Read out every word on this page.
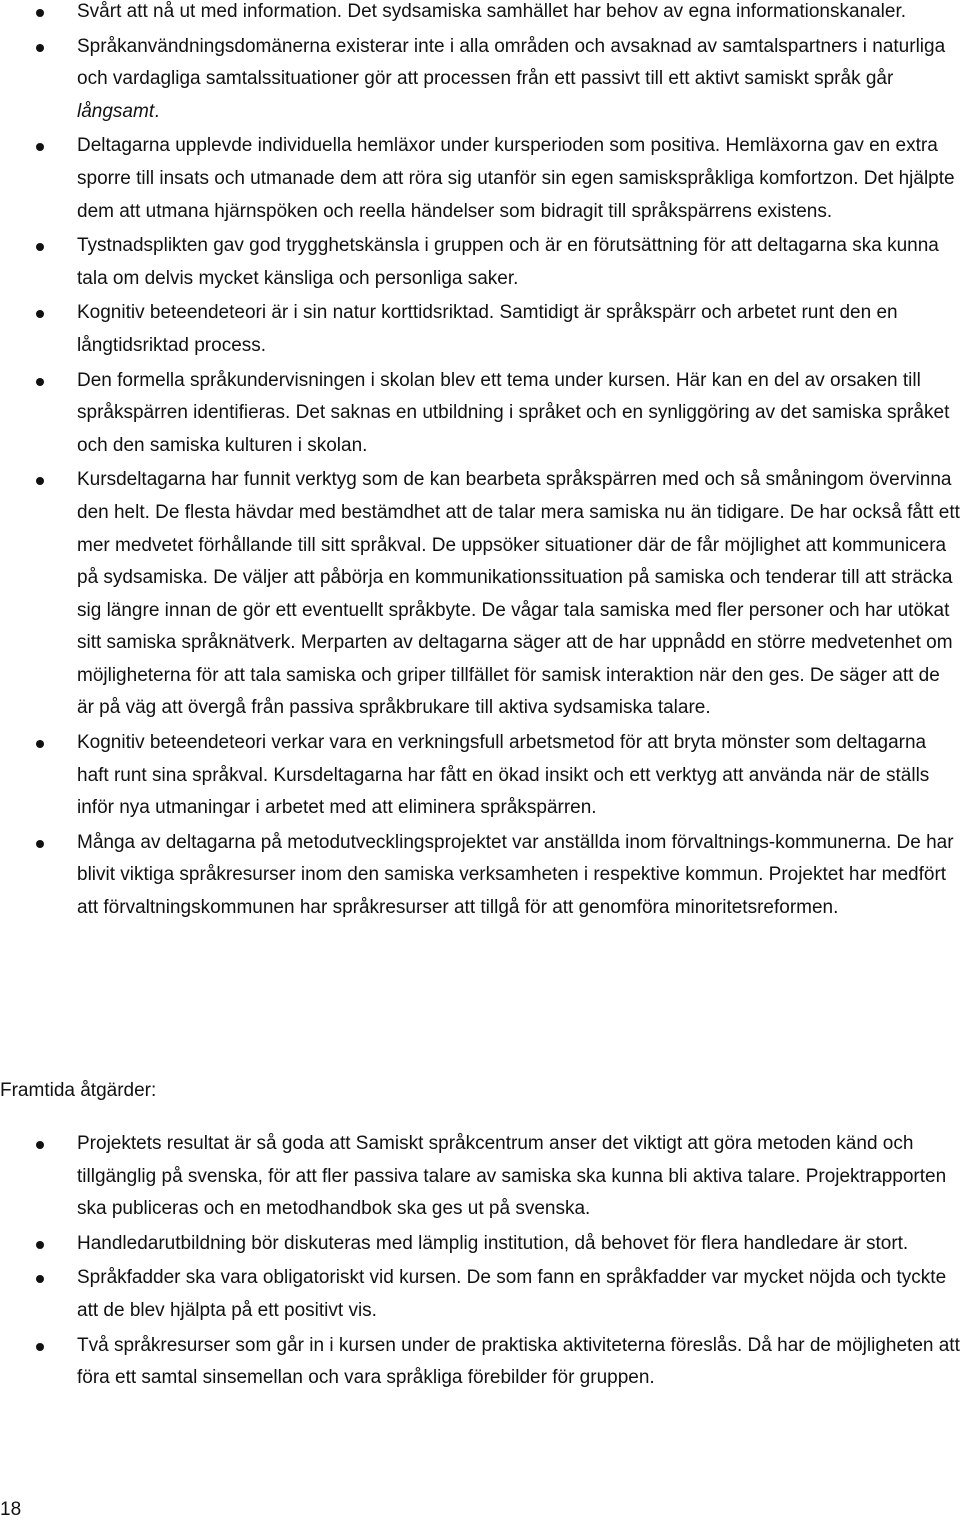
Svårt att nå ut med information. Det sydsamiska samhället har behov av egna informationskanaler.
Språkanvändningsdomänerna existerar inte i alla områden och avsaknad av samtalspartners i naturliga och vardagliga samtalssituationer gör att processen från ett passivt till ett aktivt samiskt språk går långsamt.
Deltagarna upplevde individuella hemläxor under kursperioden som positiva. Hemläxorna gav en extra sporre till insats och utmanade dem att röra sig utanför sin egen samiskspråkliga komfortzon. Det hjälpte dem att utmana hjärnspöken och reella händelser som bidragit till språkspärrens existens.
Tystnadsplikten gav god trygghetskänsla i gruppen och är en förutsättning för att deltagarna ska kunna tala om delvis mycket känsliga och personliga saker.
Kognitiv beteendeteori är i sin natur korttidsriktad. Samtidigt är språkspärr och arbetet runt den en långtidsriktad process.
Den formella språkundervisningen i skolan blev ett tema under kursen. Här kan en del av orsaken till språkspärren identifieras. Det saknas en utbildning i språket och en synliggöring av det samiska språket och den samiska kulturen i skolan.
Kursdeltagarna har funnit verktyg som de kan bearbeta språkspärren med och så småningom övervinna den helt. De flesta hävdar med bestämdhet att de talar mera samiska nu än tidigare. De har också fått ett mer medvetet förhållande till sitt språkval. De uppsöker situationer där de får möjlighet att kommunicera på sydsamiska. De väljer att påbörja en kommunikationssituation på samiska och tenderar till att sträcka sig längre innan de gör ett eventuellt språkbyte. De vågar tala samiska med fler personer och har utökat sitt samiska språknätverk. Merparten av deltagarna säger att de har uppnådd en större medvetenhet om möjligheterna för att tala samiska och griper tillfället för samisk interaktion när den ges. De säger att de är på väg att övergå från passiva språkbrukare till aktiva sydsamiska talare.
Kognitiv beteendeteori verkar vara en verkningsfull arbetsmetod för att bryta mönster som deltagarna haft runt sina språkval. Kursdeltagarna har fått en ökad insikt och ett verktyg att använda när de ställs inför nya utmaningar i arbetet med att eliminera språkspärren.
Många av deltagarna på metodutvecklingsprojektet var anställda inom förvaltnings-kommunerna. De har blivit viktiga språkresurser inom den samiska verksamheten i respektive kommun. Projektet har medfört att förvaltningskommunen har språkresurser att tillgå för att genomföra minoritetsreformen.
Framtida åtgärder:
Projektets resultat är så goda att Samiskt språkcentrum anser det viktigt att göra metoden känd och tillgänglig på svenska, för att fler passiva talare av samiska ska kunna bli aktiva talare. Projektrapporten ska publiceras och en metodhandbok ska ges ut på svenska.
Handledarutbildning bör diskuteras med lämplig institution, då behovet för flera handledare är stort.
Språkfadder ska vara obligatoriskt vid kursen. De som fann en språkfadder var mycket nöjda och tyckte att de blev hjälpta på ett positivt vis.
Två språkresurser som går in i kursen under de praktiska aktiviteterna föreslås. Då har de möjligheten att föra ett samtal sinsemellan och vara språkliga förebilder för gruppen.
18
